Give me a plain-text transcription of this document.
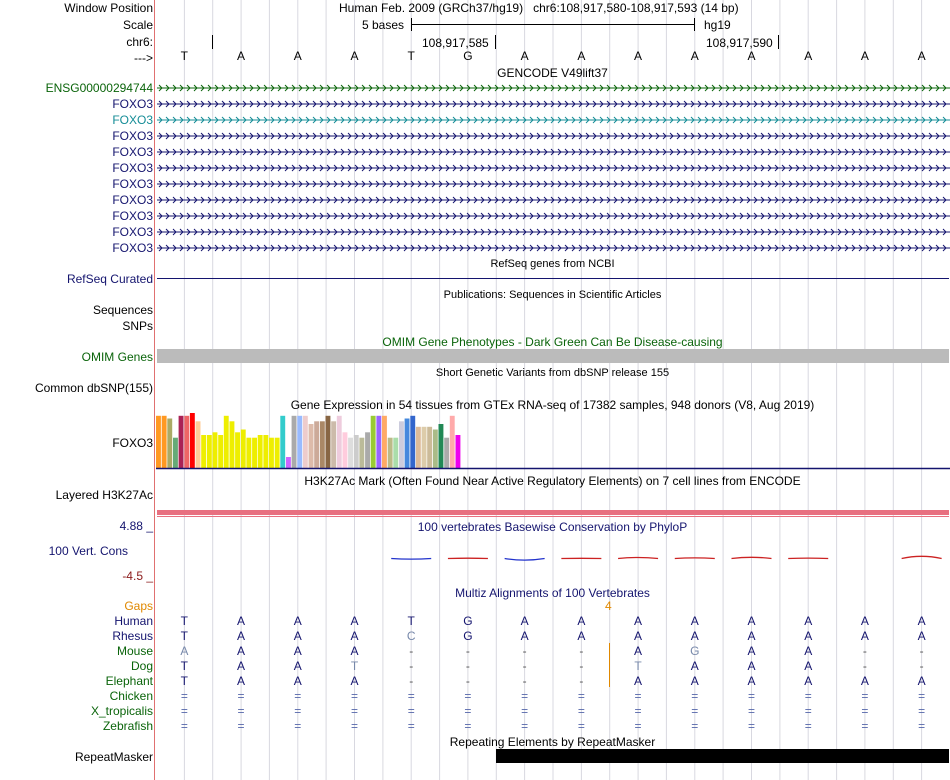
Window Position	Human Feb. 2009 (GRCh37/hg19)   chr6:108,917,580-108,917,593 (14 bp)
Scale	5 bases	hg19
chr6:	108,917,585	108,917,590
---> T	A	A	A	T	G	A	A	A	A	A	A	A	A
GENCODE V49lift37
ENSG00000294744
FOXO3
FOXO3
FOXO3
FOXO3
FOXO3
FOXO3
FOXO3
FOXO3
FOXO3
FOXO3
RefSeq genes from NCBI
RefSeq Curated
Publications: Sequences in Scientific Articles
Sequences
SNPs
OMIM Gene Phenotypes - Dark Green Can Be Disease-causing
OMIM Genes
Short Genetic Variants from dbSNP release 155
Common dbSNP(155)
Gene Expression in 54 tissues from GTEx RNA-seq of 17382 samples, 948 donors (V8, Aug 2019)
FOXO3
H3K27Ac Mark (Often Found Near Active Regulatory Elements) on 7 cell lines from ENCODE
Layered H3K27Ac
100 vertebrates Basewise Conservation by PhyloP
4.88 _
100 Vert. Cons
-4.5 _
Multiz Alignments of 100 Vertebrates
Gaps	4
Human T	A	A	A	T	G	A	A	A	A	A	A	A	A
Rhesus T	A	A	A	C	G	A	A	A	A	A	A	A	A
Mouse A	A	A	A	-	-	-	-	A	G	A	A	-	-
Dog T	A	A	T	-	-	-	-	T	A	A	A	-	-
Elephant T	A	A	A	-	-	-	-	A	A	A	A	A	A
Chicken =	=	=	=	=	=	=	=	=	=	=	=	=	=
X_tropicalis =	=	=	=	=	=	=	=	=	=	=	=	=	=
Zebrafish =	=	=	=	=	=	=	=	=	=	=	=	=	=
Repeating Elements by RepeatMasker
RepeatMasker
